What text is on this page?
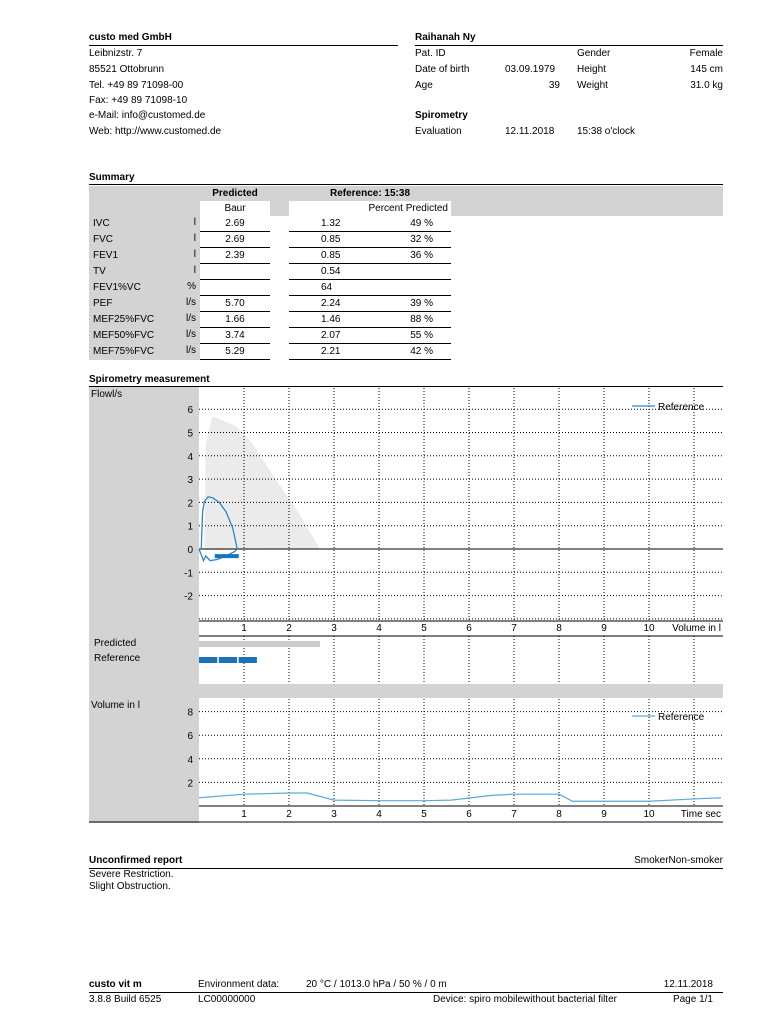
custo med GmbH
Leibnizstr. 7
85521 Ottobrunn
Tel. +49 89 71098-00
Fax: +49 89 71098-10
e-Mail: info@customed.de
Web: http://www.customed.de
Raihanah Ny
Pat. ID
Date of birth	03.09.1979
Age	39
Gender	Female
Height	145 cm
Weight	31.0 kg
Spirometry
Evaluation	12.11.2018 15:38 o'clock
Summary
	Predicted		Reference: 15:38		
	Baur		Percent Predicted		
IVC l	2.69		1.32	49 %	
FVC l	2.69		0.85	32 %	
FEV1 l	2.39		0.85	36 %	
TV l			0.54		
FEV1%VC %			64		
PEF l/s	5.70		2.24	39 %	
MEF25%FVC l/s	1.66		1.46	88 %	
MEF50%FVC l/s	3.74		2.07	55 %	
MEF75%FVC l/s	5.29		2.21	42 %	
Spirometry measurement
Flowl/s
Predicted
Reference
Volume in l
6
5
4
3
2
1
0
-1
-2
1	2	3	4	5	6	7	8	9	10 Volume in l
Reference
8
6
4
2
1	2	3	4	5	6	7	8	9	10	Time sec
Reference
Unconfirmed report	SmokerNon-smoker
Severe Restriction.
Slight Obstruction.
custo vit m	Environment data:	20 °C / 1013.0 hPa / 50 % / 0 m	12.11.2018
3.8.8 Build 6525	LC00000000	Device: spiro mobilewithout bacterial filter	Page 1/1
